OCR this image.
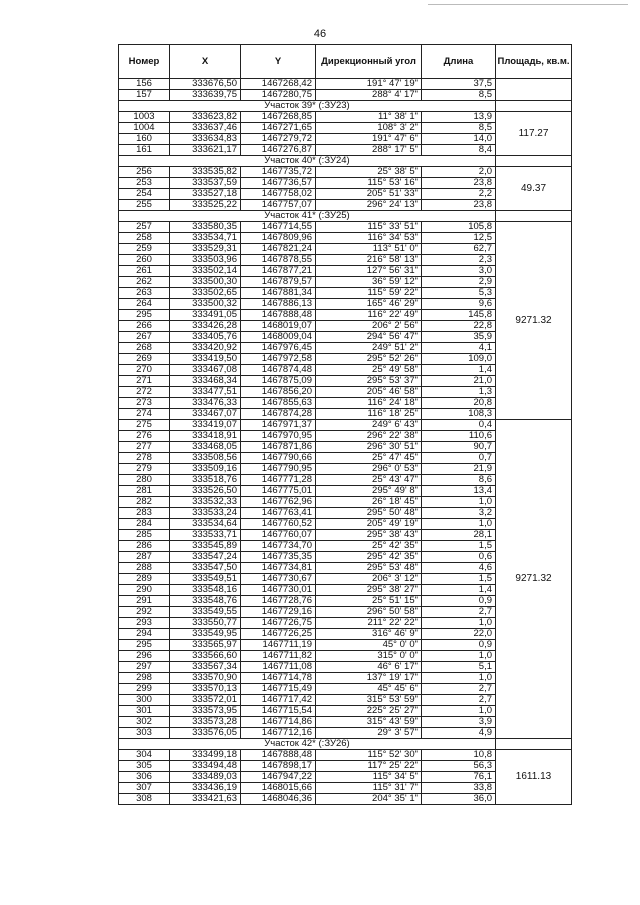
46
Номер	X	Y	Дирекционный угол	Длина	Площадь, кв.м.
156	333676,50	1467268,42	191° 47' 19"	37,5	
157	333639,75	1467280,75	288° 4' 17"	8,5	
Участок 39* (:ЗУ23)					
1003	333623,82	1467268,85	11° 38' 1"	13,9	117.27
1004	333637,46	1467271,65	108° 3' 2"	8,5	
160	333634,83	1467279,72	191° 47' 6"	14,0	
161	333621,17	1467276,87	288° 17' 5"	8,4	
Участок 40* (:ЗУ24)					
256	333535,82	1467735,72	25° 38' 5"	2,0	49.37
253	333537,59	1467736,57	115° 53' 16"	23,8	
254	333527,18	1467758,02	205° 51' 33"	2,2	
255	333525,22	1467757,07	296° 24' 13"	23,8	
Участок 41* (:ЗУ25)					
257	333580,35	1467714,55	115° 33' 51"	105,8	9271.32
258	333534,71	1467809,96	116° 34' 53"	12,5	
259	333529,31	1467821,24	113° 51' 0"	62,7	
260	333503,96	1467878,55	216° 58' 13"	2,3	
261	333502,14	1467877,21	127° 56' 31"	3,0	
262	333500,30	1467879,57	36° 59' 12"	2,9	
263	333502,65	1467881,34	115° 59' 22"	5,3	
264	333500,32	1467886,13	165° 46' 29"	9,6	
295	333491,05	1467888,48	116° 22' 49"	145,8	
266	333426,28	1468019,07	206° 2' 56"	22,8	
267	333405,76	1468009,04	294° 56' 47"	35,9	
268	333420,92	1467976,45	249° 51' 2"	4,1	
269	333419,50	1467972,58	295° 52' 26"	109,0	
270	333467,08	1467874,48	25° 49' 58"	1,4	
271	333468,34	1467875,09	295° 53' 37"	21,0	
272	333477,51	1467856,20	205° 46' 58"	1,3	
273	333476,33	1467855,63	116° 24' 18"	20,8	
274	333467,07	1467874,28	116° 18' 25"	108,3	
275	333419,07	1467971,37	249° 6' 43"	0,4	9271.32
276	333418,91	1467970,95	296° 22' 38"	110,6	
277	333468,05	1467871,86	296° 30' 51"	90,7	
278	333508,56	1467790,66	25° 47' 45"	0,7	
279	333509,16	1467790,95	296° 0' 53"	21,9	
280	333518,76	1467771,28	25° 43' 47"	8,6	
281	333526,50	1467775,01	295° 49' 8"	13,4	
282	333532,33	1467762,96	26° 18' 45"	1,0	
283	333533,24	1467763,41	295° 50' 48"	3,2	
284	333534,64	1467760,52	205° 49' 19"	1,0	
285	333533,71	1467760,07	295° 38' 43"	28,1	
286	333545,89	1467734,70	25° 42' 35"	1,5	
287	333547,24	1467735,35	295° 42' 35"	0,6	
288	333547,50	1467734,81	295° 53' 48"	4,6	
289	333549,51	1467730,67	206° 3' 12"	1,5	
290	333548,16	1467730,01	295° 38' 27"	1,4	
291	333548,76	1467728,76	25° 51' 15"	0,9	
292	333549,55	1467729,16	296° 50' 58"	2,7	
293	333550,77	1467726,75	211° 22' 22"	1,0	
294	333549,95	1467726,25	316° 46' 9"	22,0	
295	333565,97	1467711,19	45° 0' 0"	0,9	
296	333566,60	1467711,82	315° 0' 0"	1,0	
297	333567,34	1467711,08	46° 6' 17"	5,1	
298	333570,90	1467714,78	137° 19' 17"	1,0	
299	333570,13	1467715,49	45° 45' 6"	2,7	
300	333572,01	1467717,42	315° 53' 59"	2,7	
301	333573,95	1467715,54	225° 25' 27"	1,0	
302	333573,28	1467714,86	315° 43' 59"	3,9	
303	333576,05	1467712,16	29° 3' 57"	4,9	
Участок 42* (:ЗУ26)					
304	333499,18	1467888,48	115° 52' 30"	10,8	1611.13
305	333494,48	1467898,17	117° 25' 22"	56,3	
306	333489,03	1467947,22	115° 34' 5"	76,1	
307	333436,19	1468015,66	115° 31' 7"	33,8	
308	333421,63	1468046,36	204° 35' 1"	36,0	
